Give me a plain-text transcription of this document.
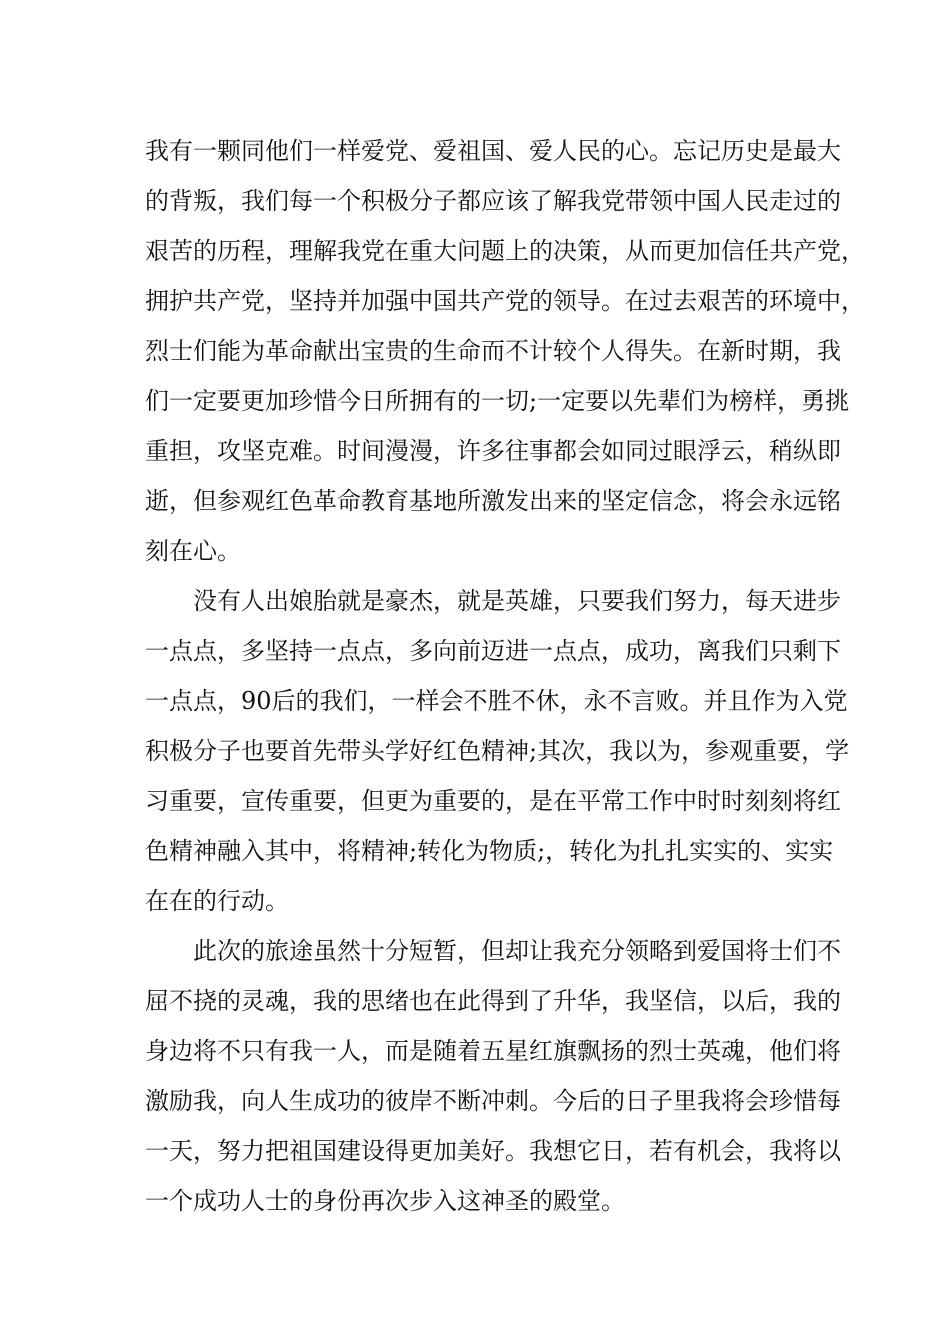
我有一颗同他们一样爱党、爱祖国、爱人民的心。忘记历史是最大
的背叛，我们每一个积极分子都应该了解我党带领中国人民走过的
艰苦的历程，理解我党在重大问题上的决策，从而更加信任共产党，
拥护共产党，坚持并加强中国共产党的领导。在过去艰苦的环境中，
烈士们能为革命献出宝贵的生命而不计较个人得失。在新时期，我
们一定要更加珍惜今日所拥有的一切;一定要以先辈们为榜样，勇挑
重担，攻坚克难。时间漫漫，许多往事都会如同过眼浮云，稍纵即
逝，但参观红色革命教育基地所激发出来的坚定信念，将会永远铭
刻在心。
没有人出娘胎就是豪杰，就是英雄，只要我们努力，每天进步
一点点，多坚持一点点，多向前迈进一点点，成功，离我们只剩下
一点点，90后的我们，一样会不胜不休，永不言败。并且作为入党
积极分子也要首先带头学好红色精神;其次，我以为，参观重要，学
习重要，宣传重要，但更为重要的，是在平常工作中时时刻刻将红
色精神融入其中，将精神;转化为物质;，转化为扎扎实实的、实实
在在的行动。
此次的旅途虽然十分短暂，但却让我充分领略到爱国将士们不
屈不挠的灵魂，我的思绪也在此得到了升华，我坚信，以后，我的
身边将不只有我一人，而是随着五星红旗飘扬的烈士英魂，他们将
激励我，向人生成功的彼岸不断冲刺。今后的日子里我将会珍惜每
一天，努力把祖国建设得更加美好。我想它日，若有机会，我将以
一个成功人士的身份再次步入这神圣的殿堂。
